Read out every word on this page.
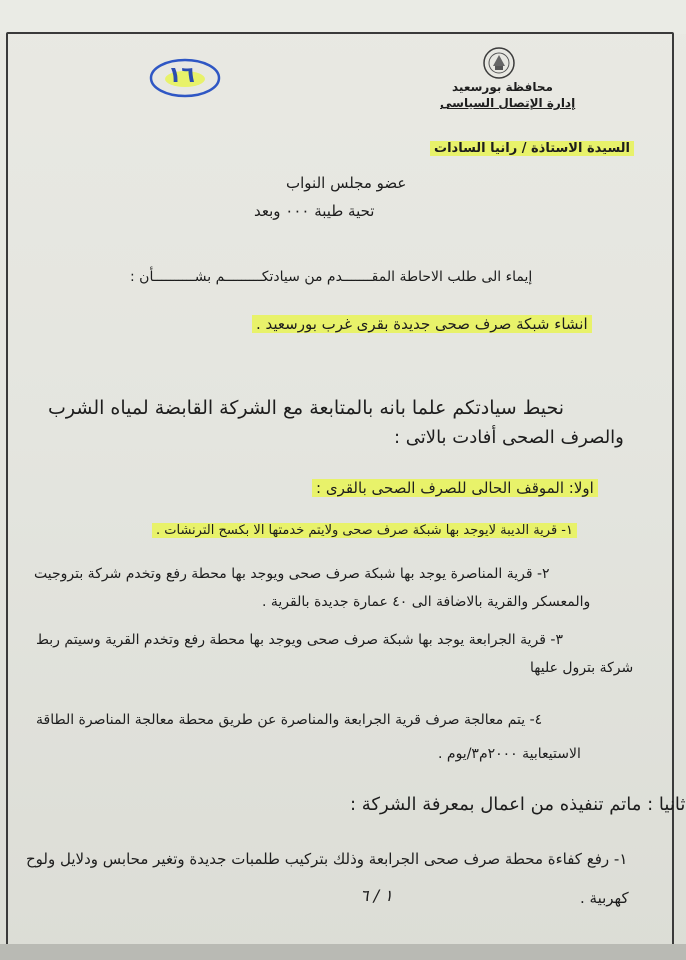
محافظة بورسعيد
إدارة الإتصال السياسى
١٦
السيدة الاستاذة / رانيا السادات
عضو مجلس النواب
تحية طيبة ٠٠٠ وبعد
إيماء الى طلب الاحاطة المقـــــــدم من سيادتكـــــــــم بشــــــــــأن :
انشاء شبكة صرف صحى جديدة بقرى غرب بورسعيد .
نحيط سيادتكم علما بانه بالمتابعة مع الشركة القابضة لمياه الشرب
والصرف الصحى أفادت بالاتى :
اولا: الموقف الحالى للصرف الصحى بالقرى :
١- قرية الديبة لايوجد بها شبكة صرف صحى ولايتم خدمتها الا بكسح الترنشات .
٢- قرية المناصرة يوجد بها شبكة صرف صحى ويوجد بها محطة رفع وتخدم شركة بتروجيت
والمعسكر والقرية بالاضافة الى ٤٠ عمارة جديدة بالقرية .
٣- قرية الجرابعة يوجد بها شبكة صرف صحى ويوجد بها محطة رفع وتخدم القرية وسيتم ربط
شركة بترول عليها
٤- يتم معالجة صرف قرية الجرابعة والمناصرة عن طريق محطة معالجة المناصرة الطاقة
الاستيعابية ٢٠٠٠م٣/يوم .
ثانيا : ماتم تنفيذه من اعمال بمعرفة الشركة :
١- رفع كفاءة محطة صرف صحى الجرابعة وذلك بتركيب طلمبات جديدة وتغير محابس ودلايل ولوح
كهربية .
١ / ٦
